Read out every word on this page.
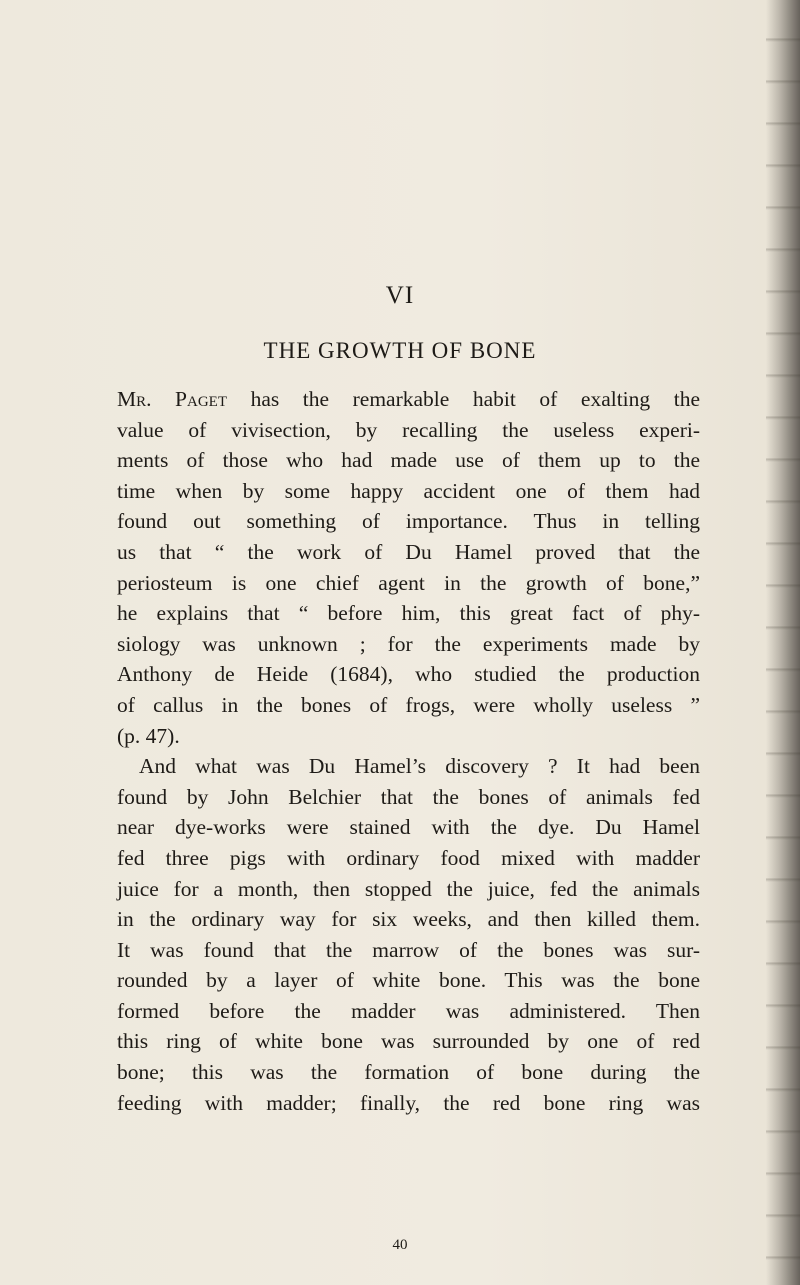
VI
THE GROWTH OF BONE
Mr. Paget has the remarkable habit of exalting the
value of vivisection, by recalling the useless experi-
ments of those who had made use of them up to the
time when by some happy accident one of them had
found out something of importance. Thus in telling
us that “ the work of Du Hamel proved that the
periosteum is one chief agent in the growth of bone,”
he explains that “ before him, this great fact of phy-
siology was unknown ; for the experiments made by
Anthony de Heide (1684), who studied the production
of callus in the bones of frogs, were wholly useless ”
(p. 47).
And what was Du Hamel’s discovery ? It had been
found by John Belchier that the bones of animals fed
near dye-works were stained with the dye. Du Hamel
fed three pigs with ordinary food mixed with madder
juice for a month, then stopped the juice, fed the animals
in the ordinary way for six weeks, and then killed them.
It was found that the marrow of the bones was sur-
rounded by a layer of white bone. This was the bone
formed before the madder was administered. Then
this ring of white bone was surrounded by one of red
bone; this was the formation of bone during the
feeding with madder; finally, the red bone ring was
40
